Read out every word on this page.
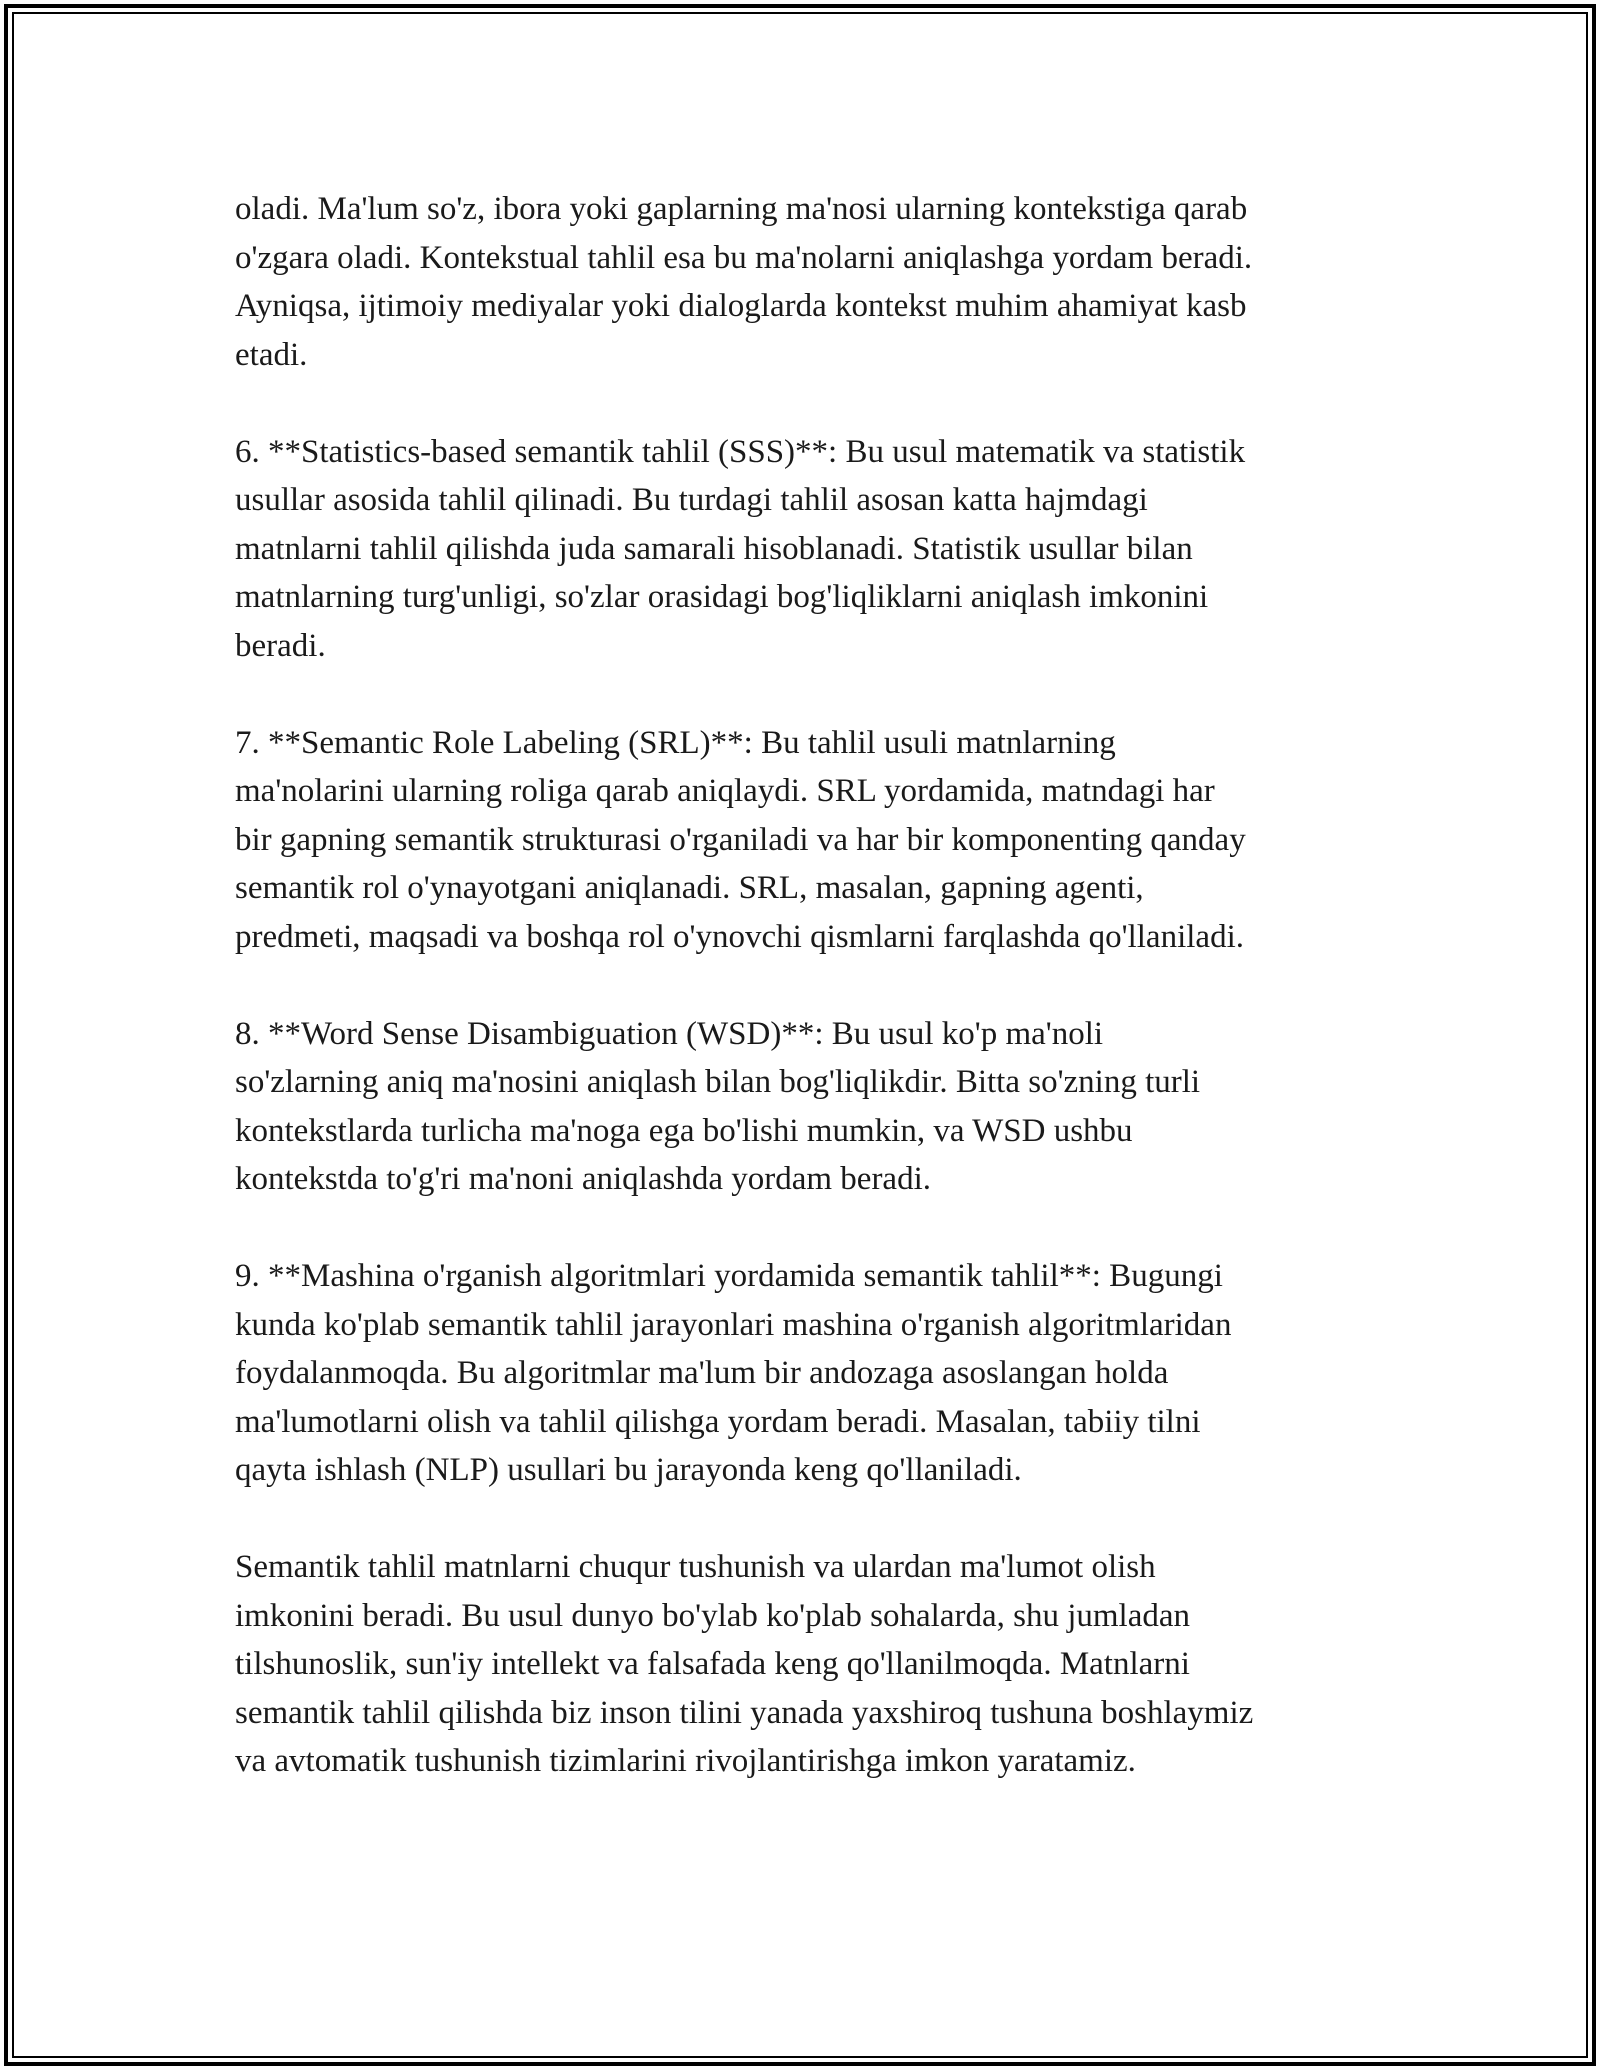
oladi. Ma'lum so'z, ibora yoki gaplarning ma'nosi ularning kontekstiga qarab
o'zgara oladi. Kontekstual tahlil esa bu ma'nolarni aniqlashga yordam beradi.
Ayniqsa, ijtimoiy mediyalar yoki dialoglarda kontekst muhim ahamiyat kasb
etadi.

6. **Statistics-based semantik tahlil (SSS)**: Bu usul matematik va statistik
usullar asosida tahlil qilinadi. Bu turdagi tahlil asosan katta hajmdagi
matnlarni tahlil qilishda juda samarali hisoblanadi. Statistik usullar bilan
matnlarning turg'unligi, so'zlar orasidagi bog'liqliklarni aniqlash imkonini
beradi.

7. **Semantic Role Labeling (SRL)**: Bu tahlil usuli matnlarning
ma'nolarini ularning roliga qarab aniqlaydi. SRL yordamida, matndagi har
bir gapning semantik strukturasi o'rganiladi va har bir komponenting qanday
semantik rol o'ynayotgani aniqlanadi. SRL, masalan, gapning agenti,
predmeti, maqsadi va boshqa rol o'ynovchi qismlarni farqlashda qo'llaniladi.

8. **Word Sense Disambiguation (WSD)**: Bu usul ko'p ma'noli
so'zlarning aniq ma'nosini aniqlash bilan bog'liqlikdir. Bitta so'zning turli
kontekstlarda turlicha ma'noga ega bo'lishi mumkin, va WSD ushbu
kontekstda to'g'ri ma'noni aniqlashda yordam beradi.

9. **Mashina o'rganish algoritmlari yordamida semantik tahlil**: Bugungi
kunda ko'plab semantik tahlil jarayonlari mashina o'rganish algoritmlaridan
foydalanmoqda. Bu algoritmlar ma'lum bir andozaga asoslangan holda
ma'lumotlarni olish va tahlil qilishga yordam beradi. Masalan, tabiiy tilni
qayta ishlash (NLP) usullari bu jarayonda keng qo'llaniladi.

Semantik tahlil matnlarni chuqur tushunish va ulardan ma'lumot olish
imkonini beradi. Bu usul dunyo bo'ylab ko'plab sohalarda, shu jumladan
tilshunoslik, sun'iy intellekt va falsafada keng qo'llanilmoqda. Matnlarni
semantik tahlil qilishda biz inson tilini yanada yaxshiroq tushuna boshlaymiz
va avtomatik tushunish tizimlarini rivojlantirishga imkon yaratamiz.
